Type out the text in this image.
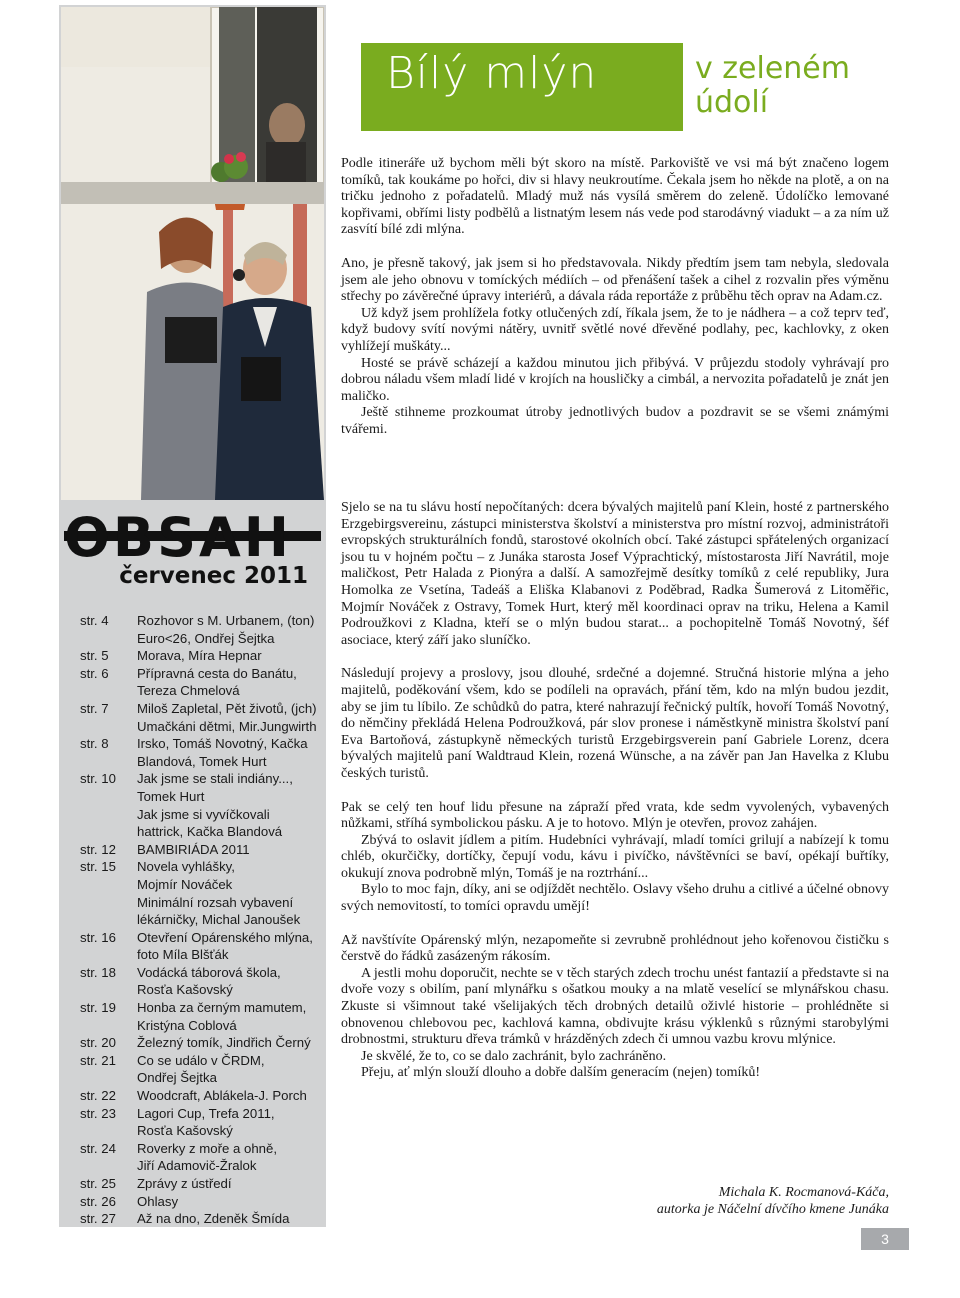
OBSAH
červenec 2011
str. 4	Rozhovor s M. Urbanem, (ton)
Euro<26, Ondřej Šejtka
str. 5	Morava, Míra Hepnar
str. 6	Přípravná cesta do Banátu,
Tereza Chmelová
str. 7	Miloš Zapletal, Pět životů, (jch)
Umačkáni dětmi, Mir.Jungwirth
str. 8	Irsko, Tomáš Novotný, Kačka
Blandová, Tomek Hurt
str. 10	Jak jsme se stali indiány...,
Tomek Hurt
Jak jsme si vyvíčkovali
hattrick, Kačka Blandová
str. 12	BAMBIRIÁDA 2011
str. 15	Novela vyhlášky,
Mojmír Nováček
Minimální rozsah vybavení
lékárničky, Michal Janoušek
str. 16	Otevření Opárenského mlýna,
foto Míla Blšťák
str. 18	Vodácká táborová škola,
Rosťa Kašovský
str. 19	Honba za černým mamutem,
Kristýna Coblová
str. 20	Železný tomík, Jindřich Černý
str. 21	Co se událo v ČRDM,
Ondřej Šejtka
str. 22	Woodcraft, Ablákela-J. Porch
str. 23	Lagori Cup, Trefa 2011,
Rosťa Kašovský
str. 24	Roverky z moře a ohně,
Jiří Adamovič-Žralok
str. 25	Zprávy z ústředí
str. 26	Ohlasy
str. 27	Až na dno, Zdeněk Šmída
Bílý mlýn	v zeleném
údolí

Podle itineráře už bychom měli být skoro na místě. Parkoviště ve vsi má být značeno logem tomíků, tak koukáme po hořci, div si hlavy neukroutíme. Čekala jsem ho někde na plotě, a on na tričku jednoho z pořadatelů. Mladý muž nás vysílá směrem do zeleně. Údolíčko lemované kopřivami, obřími listy podbělů a listnatým lesem nás vede pod starodávný viadukt – a za ním už zasvítí bílé zdi mlýna.

Ano, je přesně takový, jak jsem si ho představovala. Nikdy předtím jsem tam nebyla, sledovala jsem ale jeho obnovu v tomíckých médiích – od přenášení tašek a cihel z rozvalin přes výměnu střechy po závěrečné úpravy interiérů, a dávala ráda reportáže z průběhu těch oprav na Adam.cz.

Už když jsem prohlížela fotky otlučených zdí, říkala jsem, že to je nádhera – a což teprv teď, když budovy svítí novými nátěry, uvnitř světlé nové dřevěné podlahy, pec, kachlovky, z oken vyhlížejí muškáty...

Hosté se právě scházejí a každou minutou jich přibývá. V průjezdu stodoly vyhrávají pro dobrou náladu všem mladí lidé v krojích na housličky a cimbál, a nervozita pořadatelů je znát jen maličko.

Ještě stihneme prozkoumat útroby jednotlivých budov a pozdravit se se všemi známými tvářemi.

Sjelo se na tu slávu hostí nepočítaných: dcera bývalých majitelů paní Klein, hosté z partnerského Erzgebirgsvereinu, zástupci ministerstva školství a ministerstva pro místní rozvoj, administrátoři evropských strukturálních fondů, starostové okolních obcí. Také zástupci spřátelených organizací jsou tu v hojném počtu – z Junáka starosta Josef Výprachtický, místostarosta Jiří Navrátil, moje maličkost, Petr Halada z Pionýra a další. A samozřejmě desítky tomíků z celé republiky, Jura Homolka ze Vsetína, Tadeáš a Eliška Klabanovi z Poděbrad, Radka Šumerová z Litoměřic, Mojmír Nováček z Ostravy, Tomek Hurt, který měl koordinaci oprav na triku, Helena a Kamil Podroužkovi z Kladna, kteří se o mlýn budou starat... a pochopitelně Tomáš Novotný, šéf asociace, který září jako sluníčko.

Následují projevy a proslovy, jsou dlouhé, srdečné a dojemné. Stručná historie mlýna a jeho majitelů, poděkování všem, kdo se podíleli na opravách, přání těm, kdo na mlýn budou jezdit, aby se jim tu líbilo. Ze schůdků do patra, které nahrazují řečnický pultík, hovoří Tomáš Novotný, do němčiny překládá Helena Podroužková, pár slov pronese i náměstkyně ministra školství paní Eva Bartoňová, zástupkyně německých turistů Erzgebirgsverein paní Gabriele Lorenz, dcera bývalých majitelů paní Waldtraud Klein, rozená Wünsche, a na závěr pan Jan Havelka z Klubu českých turistů.

Pak se celý ten houf lidu přesune na zápraží před vrata, kde sedm vyvolených, vybavených nůžkami, stříhá symbolickou pásku. A je to hotovo. Mlýn je otevřen, provoz zahájen.

Zbývá to oslavit jídlem a pitím. Hudebníci vyhrávají, mladí tomíci grilují a nabízejí k tomu chléb, okurčičky, dortíčky, čepují vodu, kávu i pivíčko, návštěvníci se baví, opékají buřtíky, okukují znova podrobně mlýn, Tomáš je na roztrhání...

Bylo to moc fajn, díky, ani se odjíždět nechtělo. Oslavy všeho druhu a citlivé a účelné obnovy svých nemovitostí, to tomíci opravdu umějí!

Až navštívíte Opárenský mlýn, nezapomeňte si zevrubně prohlédnout jeho kořenovou čističku s čerstvě do řádků zasázeným rákosím.

A jestli mohu doporučit, nechte se v těch starých zdech trochu unést fantazií a představte si na dvoře vozy s obilím, paní mlynářku s ošatkou mouky a na mlatě veselící se mlynářskou chasu. Zkuste si všimnout také všelijakých těch drobných detailů oživlé historie – prohlédněte si obnovenou chlebovou pec, kachlová kamna, obdivujte krásu výklenků s různými starobylými drobnostmi, strukturu dřeva trámků v hrázděných zdech či umnou vazbu krovu mlýnice.

Je skvělé, že to, co se dalo zachránit, bylo zachráněno.

Přeju, ať mlýn slouží dlouho a dobře dalším generacím (nejen) tomíků!

Michala K. Rocmanová-Káča,
autorka je Náčelní dívčího kmene Junáka
3
